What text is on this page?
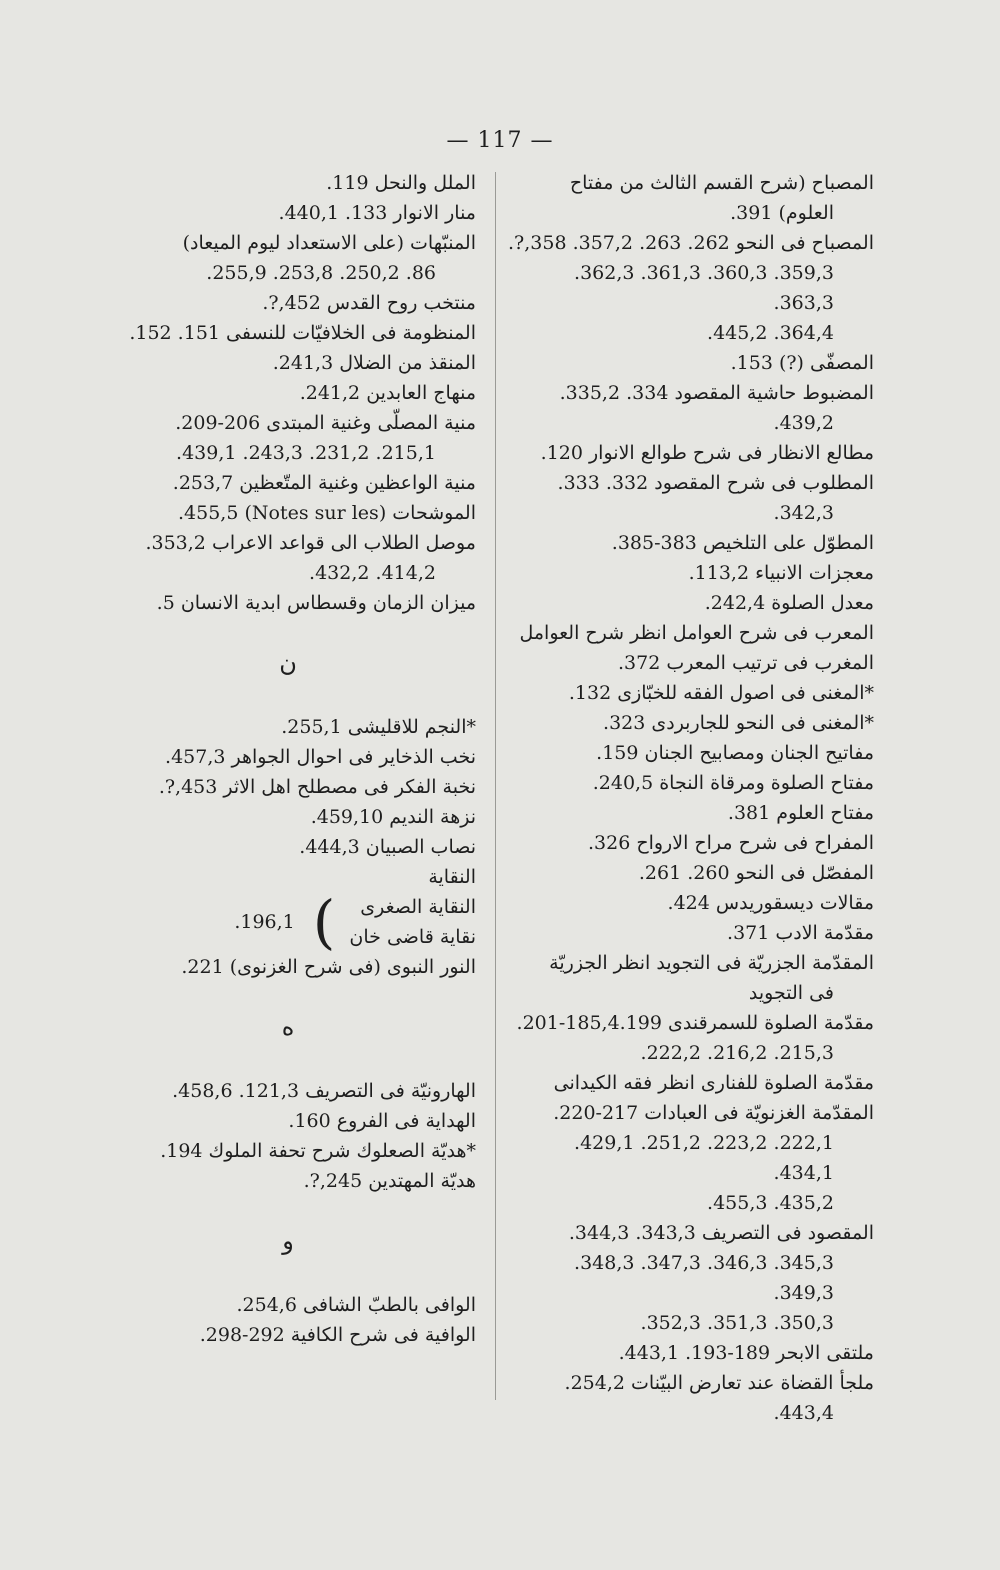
— 117 —

المصباح (شرح القسم الثالث من مفتاح

العلوم) 391.

المصباح فى النحو 262. 263. 357,2. 358,?.

359,3. 360,3. 361,3. 362,3. 363,3.

364,4. 445,2.

المصفّى (?) 153.

المضبوط حاشية المقصود 334. 335,2.

439,2.

مطالع الانظار فى شرح طوالع الانوار 120.

المطلوب فى شرح المقصود 332. 333.

342,3.

المطوّل على التلخيص 383-385.

معجزات الانبياء 113,2.

معدل الصلوة 242,4.

المعرب فى شرح العوامل انظر شرح العوامل

المغرب فى ترتيب المعرب 372.

*المغنى فى اصول الفقه للخبّازى 132.

*المغنى فى النحو للجاربردى 323.

مفاتيح الجنان ومصابيح الجنان 159.

مفتاح الصلوة ومرقاة النجاة 240,5.

مفتاح العلوم 381.

المفراح فى شرح مراح الارواح 326.

المفصّل فى النحو 260. 261.

مقالات ديسقوريدس 424.

مقدّمة الادب 371.

المقدّمة الجزريّة فى التجويد انظر الجزريّة

فى التجويد

مقدّمة الصلوة للسمرقندى 185,4.199-201.

215,3. 216,2. 222,2.

مقدّمة الصلوة للفنارى انظر فقه الكيدانى

المقدّمة الغزنويّة فى العبادات 217-220.

222,1. 223,2. 251,2. 429,1. 434,1.

435,2. 455,3.

المقصود فى التصريف 343,3. 344,3.

345,3. 346,3. 347,3. 348,3. 349,3.

350,3. 351,3. 352,3.

ملتقى الابحر 189-193. 443,1.

ملجأ القضاة عند تعارض البيّنات 254,2.

443,4.

الملل والنحل 119.

منار الانوار 133. 440,1.

المنبّهات (على الاستعداد ليوم الميعاد)

86. 250,2. 253,8. 255,9.

منتخب روح القدس 452,?.

المنظومة فى الخلافيّات للنسفى 151. 152.

المنقذ من الضلال 241,3.

منهاج العابدين 241,2.

منية المصلّى وغنية المبتدى 206-209.

215,1. 231,2. 243,3. 439,1.

منية الواعظين وغنية المتّعظين 253,7.

الموشحات (Notes sur les) 455,5.

موصل الطلاب الى قواعد الاعراب 353,2.

414,2. 432,2.

ميزان الزمان وقسطاس ابدية الانسان 5.

ن

*النجم للاقليشى 255,1.

نخب الذخاير فى احوال الجواهر 457,3.

نخبة الفكر فى مصطلح اهل الاثر 453,?.

نزهة النديم 459,10.

نصاب الصبيان 444,3.

النقاية

النقاية الصغرى

نقاية قاضى خان

)
196,1.

النور النبوى (فى شرح الغزنوى) 221.

ه

الهارونيّة فى التصريف 121,3. 458,6.

الهداية فى الفروع 160.

*هديّة الصعلوك شرح تحفة الملوك 194.

هديّة المهتدين 245,?.

و

الوافى بالطبّ الشافى 254,6.

الوافية فى شرح الكافية 292-298.
